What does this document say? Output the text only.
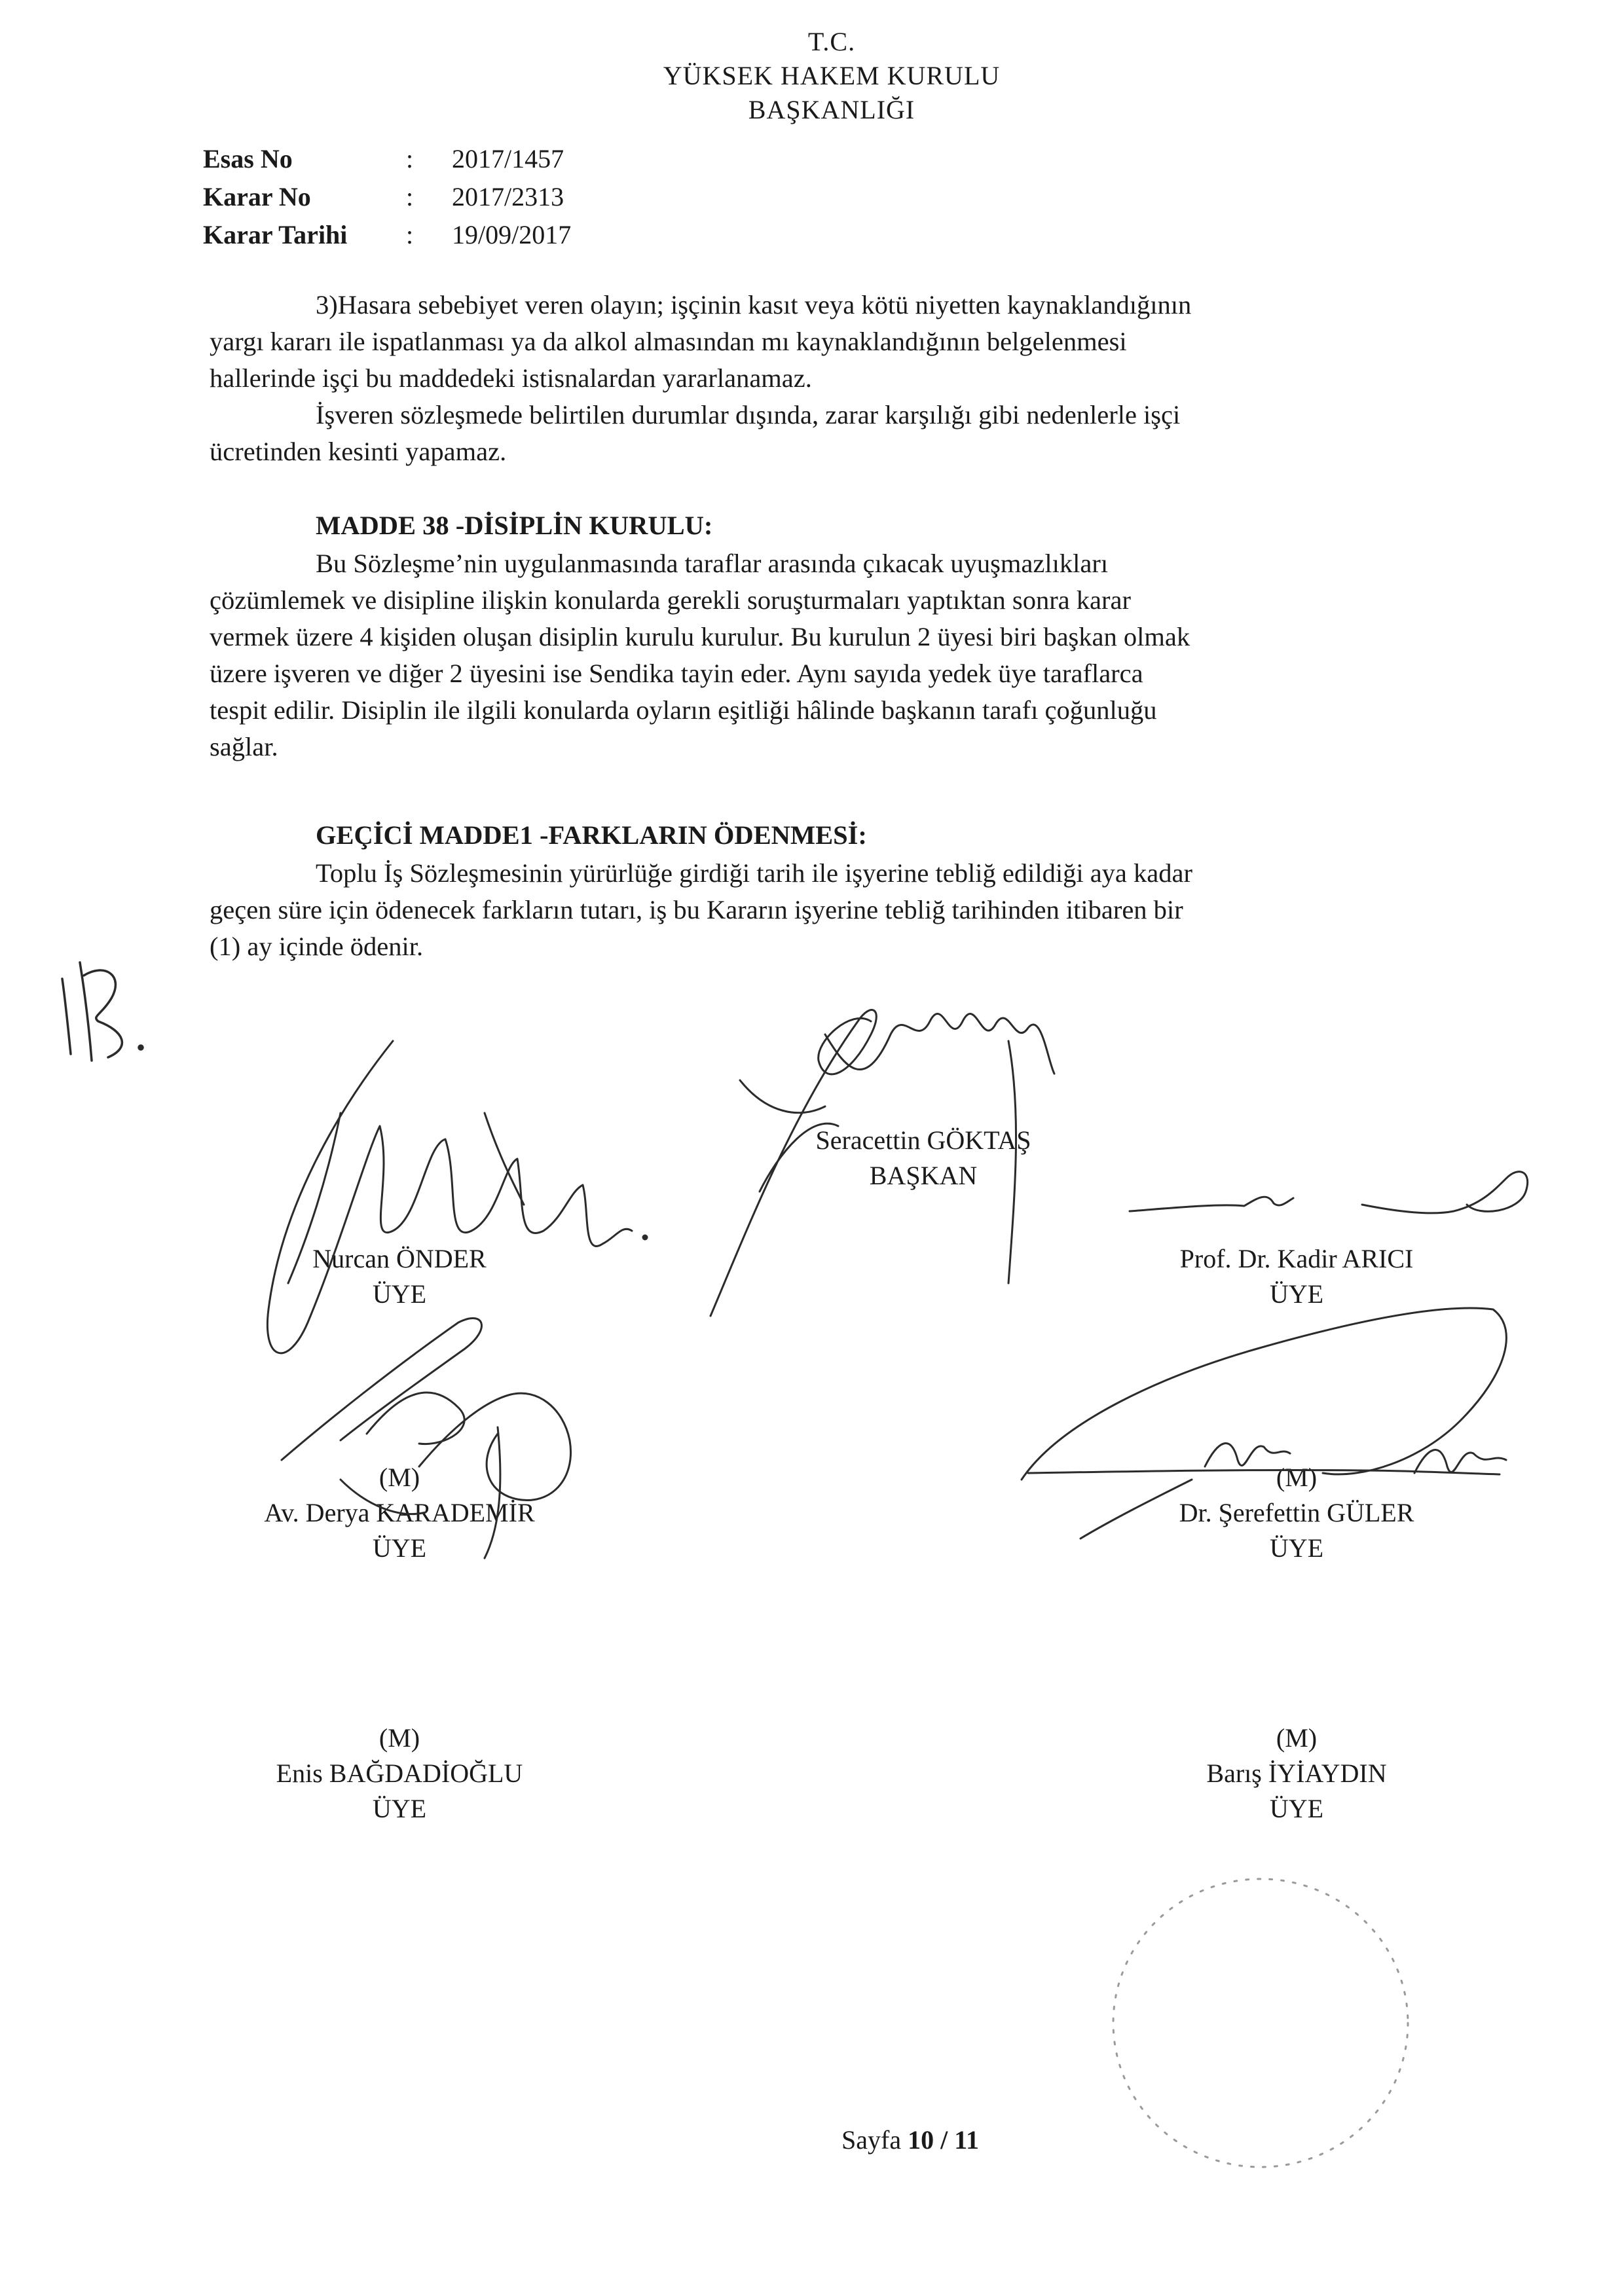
T.C.
YÜKSEK HAKEM KURULU
BAŞKANLIĞI
Esas No	: 2017/1457
Karar No	: 2017/2313
Karar Tarihi : 19/09/2017
3)Hasara sebebiyet veren olayın; işçinin kasıt veya kötü niyetten kaynaklandığının
yargı kararı ile ispatlanması ya da alkol almasından mı kaynaklandığının belgelenmesi
hallerinde işçi bu maddedeki istisnalardan yararlanamaz.
İşveren sözleşmede belirtilen durumlar dışında, zarar karşılığı gibi nedenlerle işçi
ücretinden kesinti yapamaz.
MADDE 38 -DİSİPLİN KURULU:
Bu Sözleşme’nin uygulanmasında taraflar arasında çıkacak uyuşmazlıkları
çözümlemek ve disipline ilişkin konularda gerekli soruşturmaları yaptıktan sonra karar
vermek üzere 4 kişiden oluşan disiplin kurulu kurulur. Bu kurulun 2 üyesi biri başkan olmak
üzere işveren ve diğer 2 üyesini ise Sendika tayin eder. Aynı sayıda yedek üye taraflarca
tespit edilir. Disiplin ile ilgili konularda oyların eşitliği hâlinde başkanın tarafı çoğunluğu
sağlar.
GEÇİCİ MADDE1 -FARKLARIN ÖDENMESİ:
Toplu İş Sözleşmesinin yürürlüğe girdiği tarih ile işyerine tebliğ edildiği aya kadar
geçen süre için ödenecek farkların tutarı, iş bu Kararın işyerine tebliğ tarihinden itibaren bir
(1) ay içinde ödenir.
Seracettin GÖKTAŞ
BAŞKAN
Nurcan ÖNDER
ÜYE
Prof. Dr. Kadir ARICI
ÜYE
(M)
Av. Derya KARADEMİR
ÜYE
(M)
Dr. Şerefettin GÜLER
ÜYE
(M)
Enis BAĞDADİOĞLU
ÜYE
(M)
Barış İYİAYDIN
ÜYE
Sayfa 10 / 11
